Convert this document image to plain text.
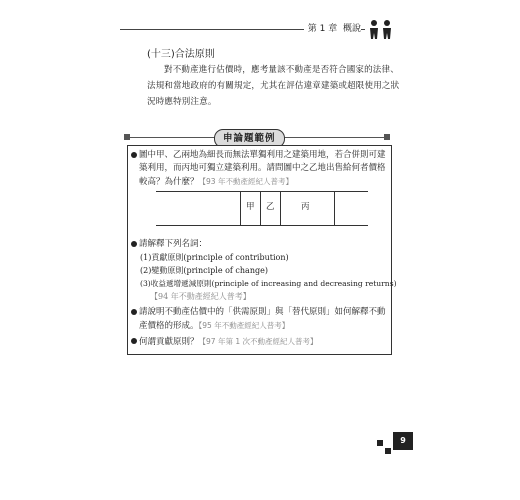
第 1 章 概說
(十三)合法原則
對不動產進行估價時，應考量該不動產是否符合國家的法律、法規和當地政府的有關規定，尤其在評估違章建築或超限使用之狀況時應特別注意。
申論題範例
圖中甲、乙兩地為細長而無法單獨利用之建築用地，若合併則可建築利用，而丙地可獨立建築利用。請問圖中之乙地出售給何者價格較高？為什麼？【93 年不動產經紀人普考】
甲 乙	丙
請解釋下列名詞：
(1)貢獻原則(principle of contribution)
(2)變動原則(principle of change)
(3)收益遞增遞減原則(principle of increasing and decreasing returns)
【94 年不動產經紀人普考】
請說明不動產估價中的「供需原則」與「替代原則」如何解釋不動產價格的形成。【95 年不動產經紀人普考】
何謂貢獻原則？【97 年第 1 次不動產經紀人普考】
9
